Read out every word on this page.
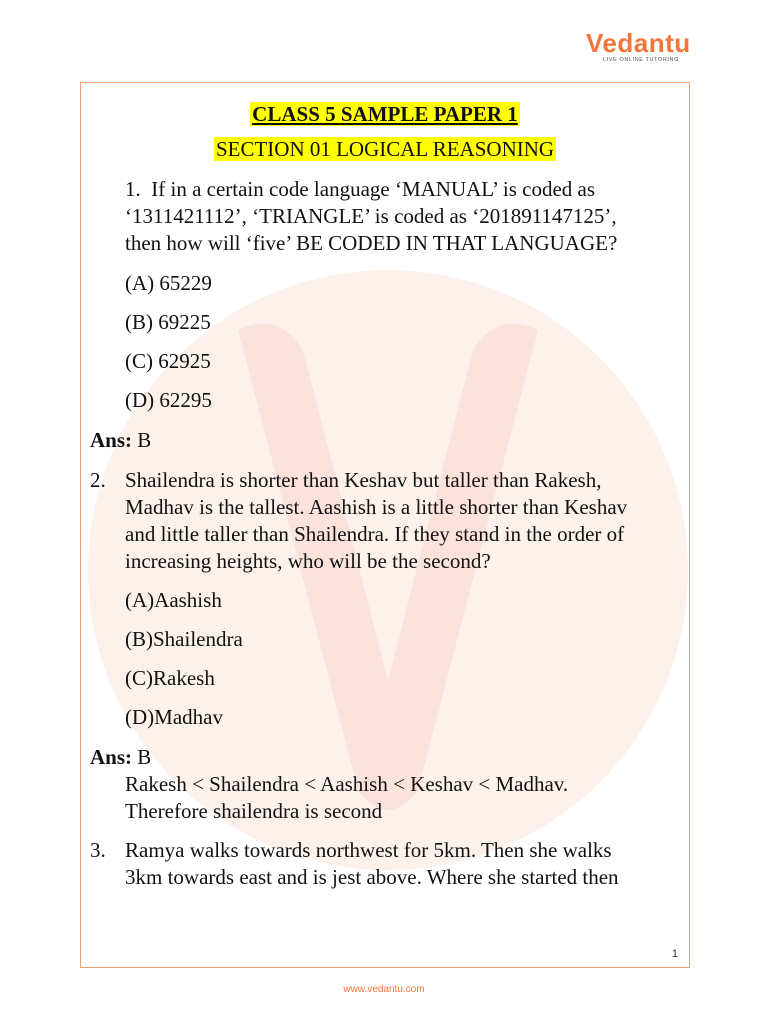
Vedantu
LIVE ONLINE TUTORING
CLASS 5 SAMPLE PAPER 1
SECTION 01 LOGICAL REASONING
1. If in a certain code language ‘MANUAL’ is coded as
‘1311421112’, ‘TRIANGLE’ is coded as ‘201891147125’,
then how will ‘five’ BE CODED IN THAT LANGUAGE?
(A) 65229
(B) 69225
(C) 62925
(D) 62295
Ans: B
2. Shailendra is shorter than Keshav but taller than Rakesh,
Madhav is the tallest. Aashish is a little shorter than Keshav
and little taller than Shailendra. If they stand in the order of
increasing heights, who will be the second?
(A)Aashish
(B)Shailendra
(C)Rakesh
(D)Madhav
Ans: B
Rakesh < Shailendra < Aashish < Keshav < Madhav.
Therefore shailendra is second
3. Ramya walks towards northwest for 5km. Then she walks
3km towards east and is jest above. Where she started then
1
www.vedantu.com
